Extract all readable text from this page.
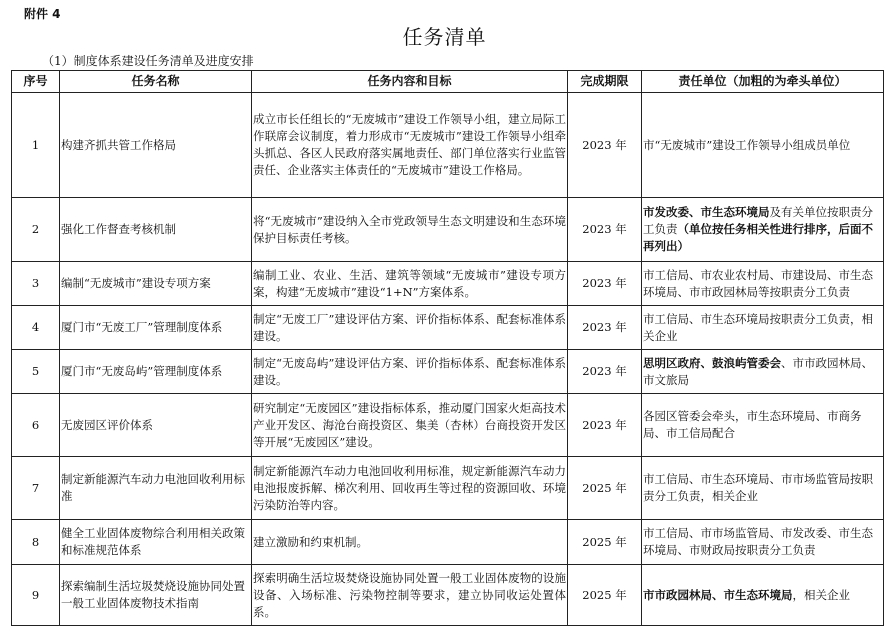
附件 4
任务清单
（1）制度体系建设任务清单及进度安排
序号	任务名称	任务内容和目标	完成期限	责任单位（加粗的为牵头单位）
1	构建齐抓共管工作格局	成立市长任组长的“无废城市”建设工作领导小组，建立局际工作联席会议制度，着力形成市“无废城市”建设工作领导小组牵头抓总、各区人民政府落实属地责任、部门单位落实行业监管责任、企业落实主体责任的“无废城市”建设工作格局。	2023 年	市“无废城市”建设工作领导小组成员单位
2	强化工作督查考核机制	将“无废城市”建设纳入全市党政领导生态文明建设和生态环境保护目标责任考核。	2023 年	市发改委、市生态环境局及有关单位按职责分工负责（单位按任务相关性进行排序，后面不再列出）
3	编制“无废城市”建设专项方案	编制工业、农业、生活、建筑等领域“无废城市”建设专项方案，构建“无废城市”建设“1+N”方案体系。	2023 年	市工信局、市农业农村局、市建设局、市生态环境局、市市政园林局等按职责分工负责
4	厦门市“无废工厂”管理制度体系	制定“无废工厂”建设评估方案、评价指标体系、配套标准体系建设。	2023 年	市工信局、市生态环境局按职责分工负责，相关企业
5	厦门市“无废岛屿”管理制度体系	制定“无废岛屿”建设评估方案、评价指标体系、配套标准体系建设。	2023 年	思明区政府、鼓浪屿管委会、市市政园林局、市文旅局
6	无废园区评价体系	研究制定“无废园区”建设指标体系，推动厦门国家火炬高技术产业开发区、海沧台商投资区、集美（杏林）台商投资开发区等开展“无废园区”建设。	2023 年	各园区管委会牵头，市生态环境局、市商务局、市工信局配合
7	制定新能源汽车动力电池回收利用标准	制定新能源汽车动力电池回收利用标准，规定新能源汽车动力电池报废拆解、梯次利用、回收再生等过程的资源回收、环境污染防治等内容。	2025 年	市工信局、市生态环境局、市市场监管局按职责分工负责，相关企业
8	健全工业固体废物综合利用相关政策和标准规范体系	建立激励和约束机制。	2025 年	市工信局、市市场监管局、市发改委、市生态环境局、市财政局按职责分工负责
9	探索编制生活垃圾焚烧设施协同处置一般工业固体废物技术指南	探索明确生活垃圾焚烧设施协同处置一般工业固体废物的设施设备、入场标准、污染物控制等要求，建立协同收运处置体系。	2025 年	市市政园林局、市生态环境局，相关企业
